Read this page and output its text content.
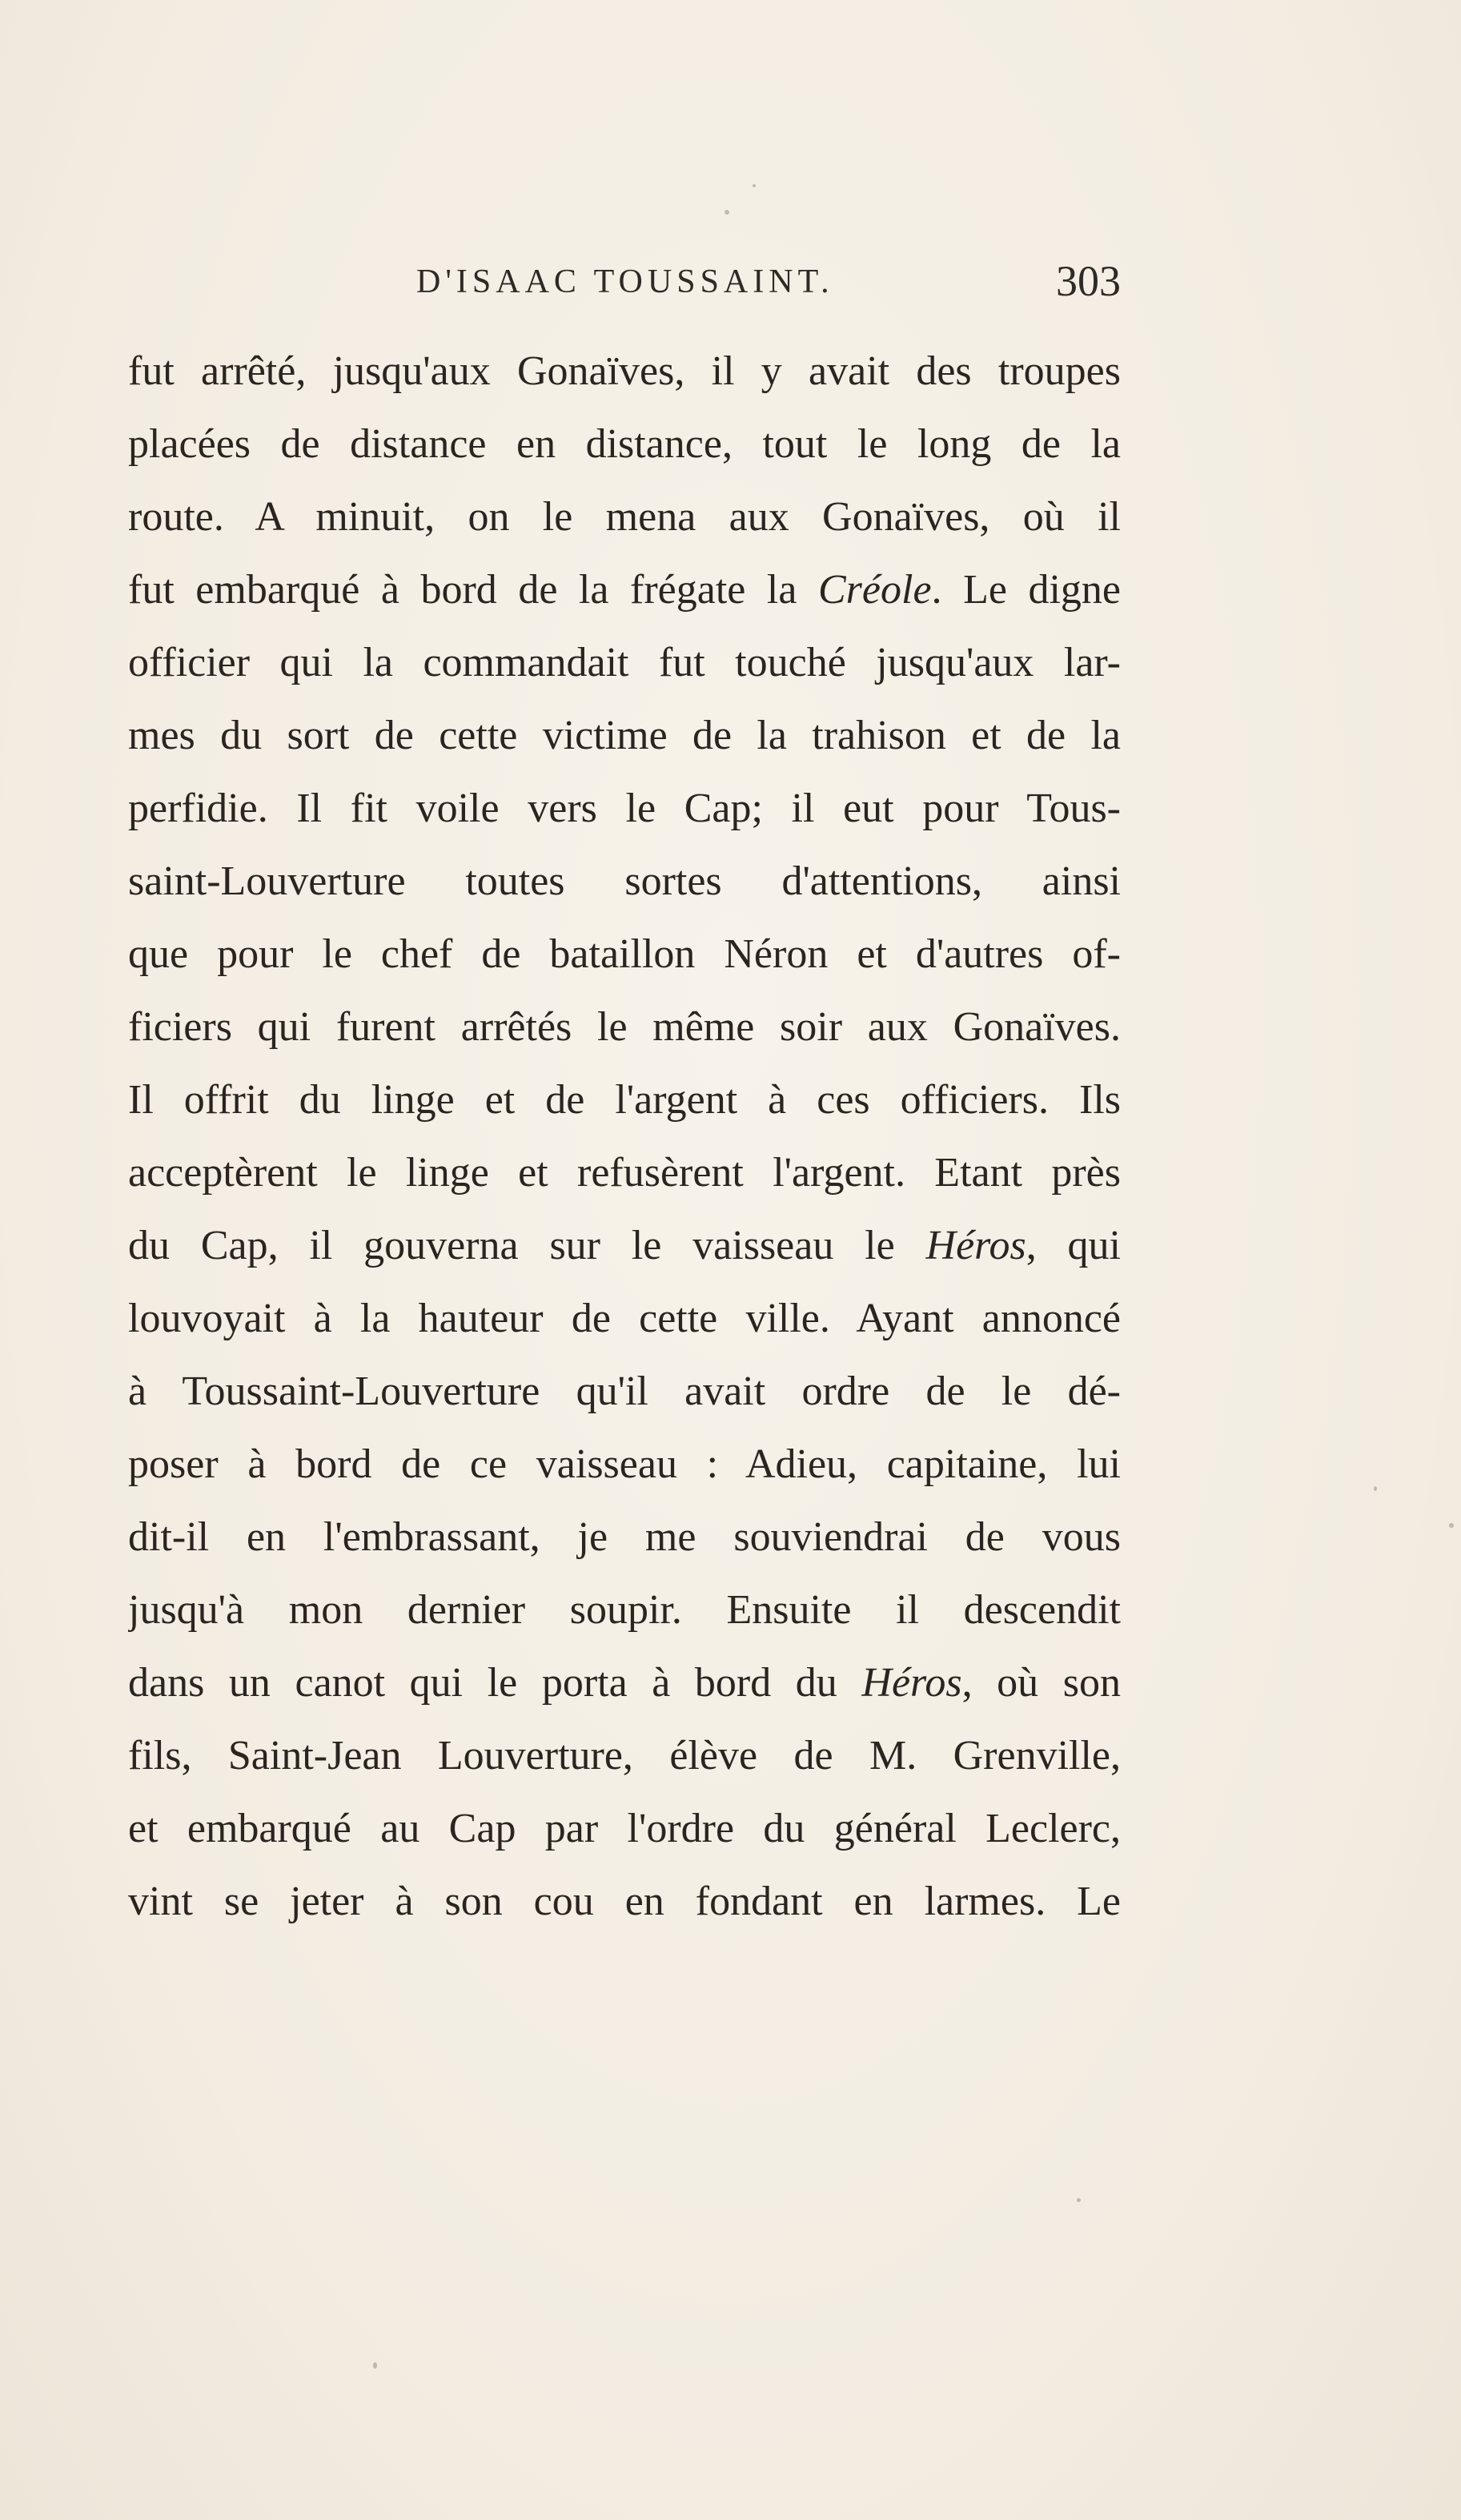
D'ISAAC TOUSSAINT.	303
fut arrêté, jusqu'aux Gonaïves, il y avait des troupes
placées de distance en distance, tout le long de la
route. A minuit, on le mena aux Gonaïves, où il
fut embarqué à bord de la frégate la Créole. Le digne
officier qui la commandait fut touché jusqu'aux lar-
mes du sort de cette victime de la trahison et de la
perfidie. Il fit voile vers le Cap; il eut pour Tous-
saint-Louverture toutes sortes d'attentions, ainsi
que pour le chef de bataillon Néron et d'autres of-
ficiers qui furent arrêtés le même soir aux Gonaïves.
Il offrit du linge et de l'argent à ces officiers. Ils
acceptèrent le linge et refusèrent l'argent. Etant près
du Cap, il gouverna sur le vaisseau le Héros, qui
louvoyait à la hauteur de cette ville. Ayant annoncé
à Toussaint-Louverture qu'il avait ordre de le dé-
poser à bord de ce vaisseau : Adieu, capitaine, lui
dit-il en l'embrassant, je me souviendrai de vous
jusqu'à mon dernier soupir. Ensuite il descendit
dans un canot qui le porta à bord du Héros, où son
fils, Saint-Jean Louverture, élève de M. Grenville,
et embarqué au Cap par l'ordre du général Leclerc,
vint se jeter à son cou en fondant en larmes. Le
